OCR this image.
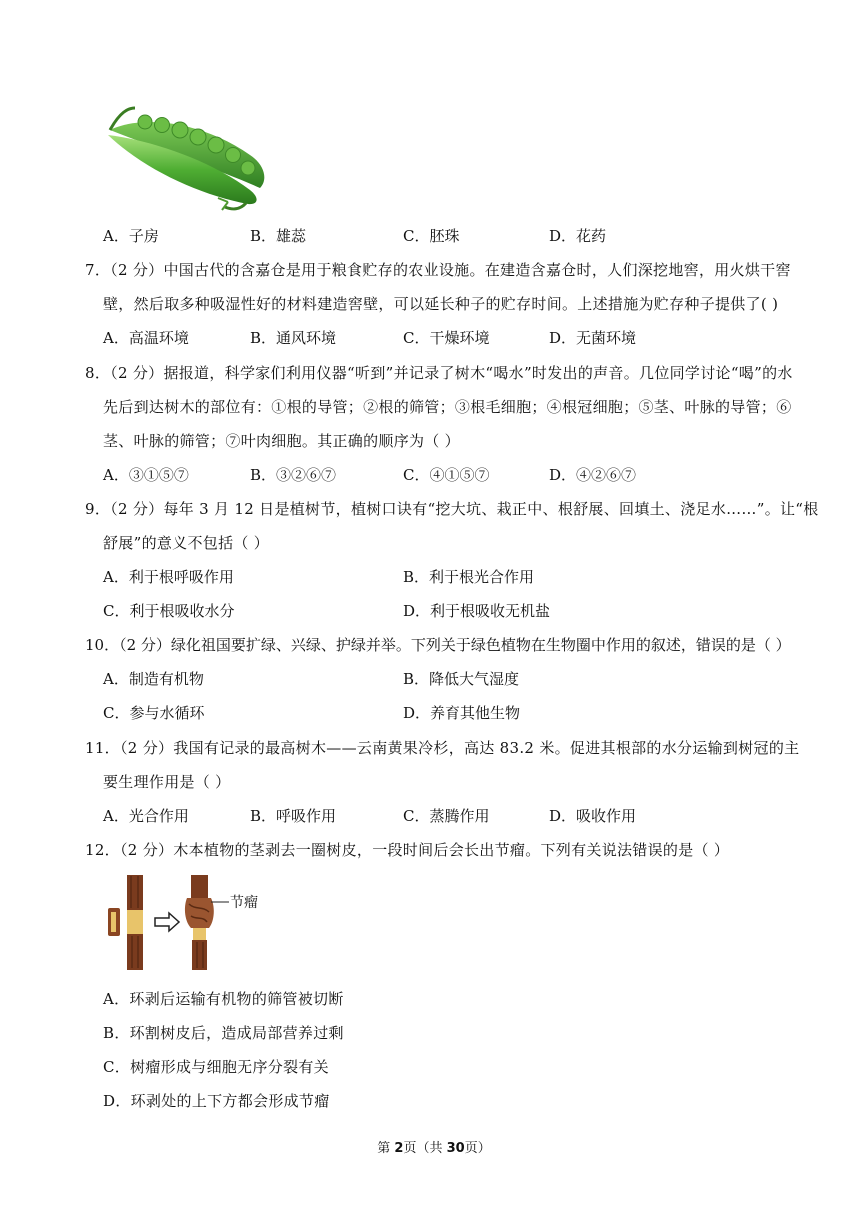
A．子房	B．雄蕊	C．胚珠	D．花药
7．（2 分）中国古代的含嘉仓是用于粮食贮存的农业设施。在建造含嘉仓时，人们深挖地窖，用火烘干窖
壁，然后取多种吸湿性好的材料建造窖壁，可以延长种子的贮存时间。上述措施为贮存种子提供了( )
A．高温环境	B．通风环境	C．干燥环境	D．无菌环境
8．（2 分）据报道，科学家们利用仪器“听到”并记录了树木“喝水”时发出的声音。几位同学讨论“喝”的水
先后到达树木的部位有：①根的导管；②根的筛管；③根毛细胞；④根冠细胞；⑤茎、叶脉的导管；⑥
茎、叶脉的筛管；⑦叶肉细胞。其正确的顺序为（ ）
A．③①⑤⑦	B．③②⑥⑦	C．④①⑤⑦	D．④②⑥⑦
9．（2 分）每年 3 月 12 日是植树节，植树口诀有“挖大坑、栽正中、根舒展、回填土、浇足水……”。让“根
舒展”的意义不包括（ ）
A．利于根呼吸作用	B．利于根光合作用
C．利于根吸收水分	D．利于根吸收无机盐
10．（2 分）绿化祖国要扩绿、兴绿、护绿并举。下列关于绿色植物在生物圈中作用的叙述，错误的是（ ）
A．制造有机物	B．降低大气湿度
C．参与水循环	D．养育其他生物
11．（2 分）我国有记录的最高树木——云南黄果冷杉，高达 83.2 米。促进其根部的水分运输到树冠的主
要生理作用是（ ）
A．光合作用	B．呼吸作用	C．蒸腾作用	D．吸收作用
12．（2 分）木本植物的茎剥去一圈树皮，一段时间后会长出节瘤。下列有关说法错误的是（ ）
节瘤
A．环剥后运输有机物的筛管被切断
B．环割树皮后，造成局部营养过剩
C．树瘤形成与细胞无序分裂有关
D．环剥处的上下方都会形成节瘤
第 2页（共 30页）
